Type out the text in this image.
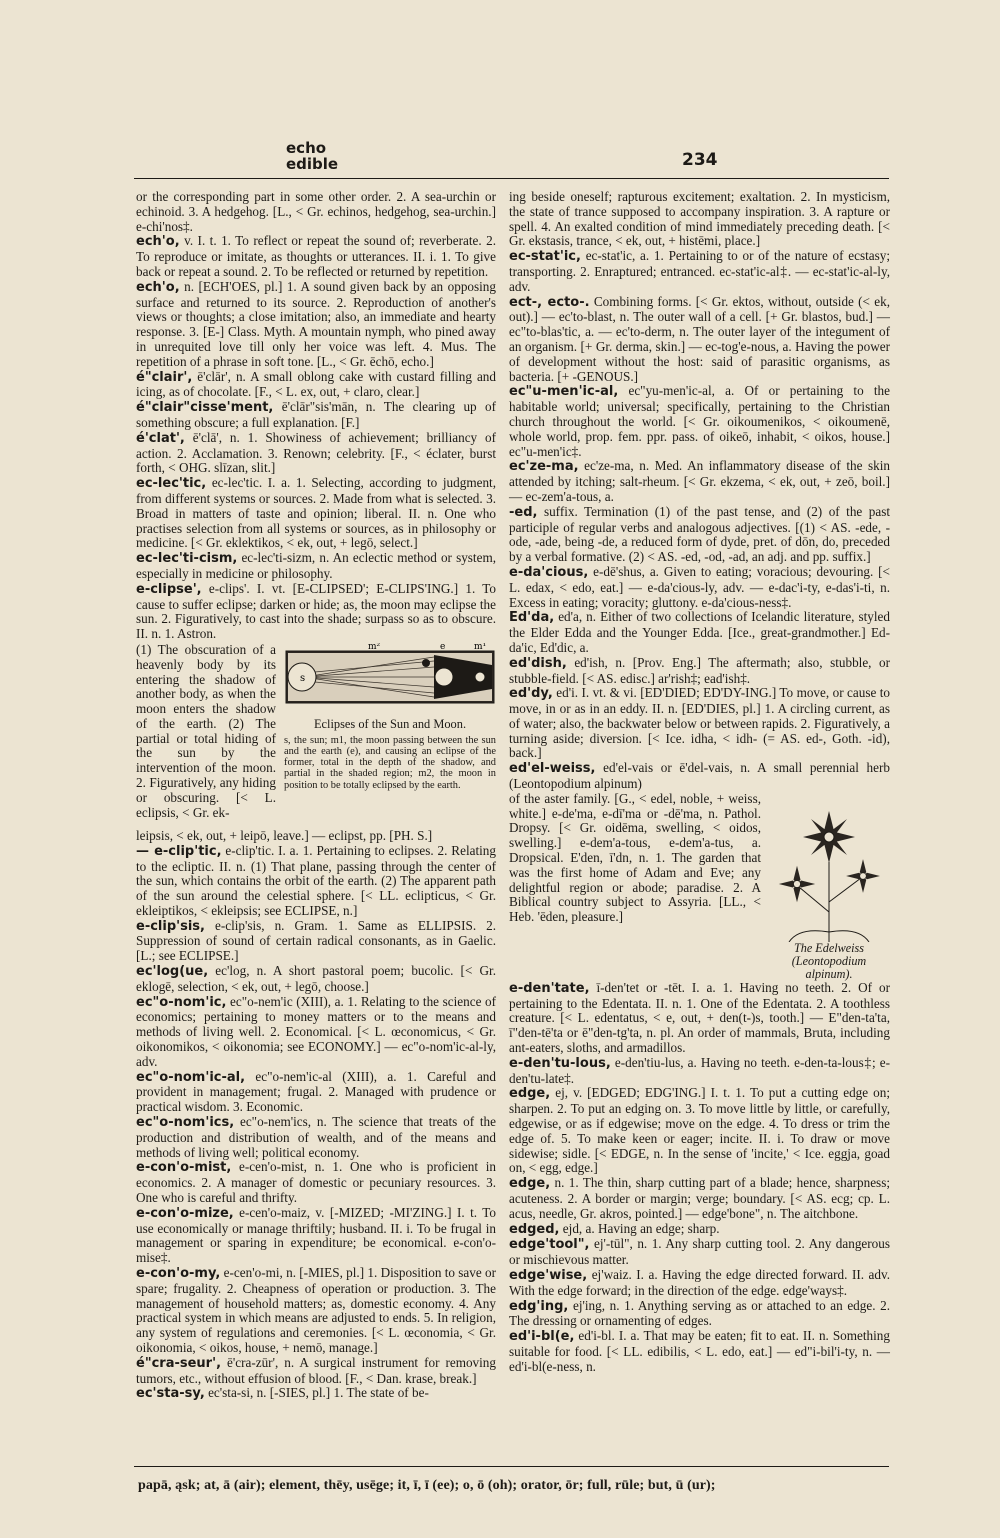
echo
edible	234

or the corresponding part in some other order. 2. A sea-urchin or echinoid. 3. A hedgehog. [L., < Gr. echinos, hedgehog, sea-urchin.] e-chi'nos‡.

ech'o, v. I. t. 1. To reflect or repeat the sound of; reverberate. 2. To reproduce or imitate, as thoughts or utterances. II. i. 1. To give back or repeat a sound. 2. To be reflected or returned by repetition.

ech'o, n. [ECH'OES, pl.] 1. A sound given back by an opposing surface and returned to its source. 2. Reproduction of another's views or thoughts; a close imitation; also, an immediate and hearty response. 3. [E-] Class. Myth. A mountain nymph, who pined away in unrequited love till only her voice was left. 4. Mus. The repetition of a phrase in soft tone. [L., < Gr. ēchō, echo.]

é"clair', ē'clār', n. A small oblong cake with custard filling and icing, as of chocolate. [F., < L. ex, out, + claro, clear.]

é"clair"cisse'ment, ē'clār"sis'mān, n. The clearing up of something obscure; a full explanation. [F.]

é'clat', ē'clā', n. 1. Showiness of achievement; brilliancy of action. 2. Acclamation. 3. Renown; celebrity. [F., < éclater, burst forth, < OHG. slīzan, slit.]

ec-lec'tic, ec-lec'tic. I. a. 1. Selecting, according to judgment, from different systems or sources. 2. Made from what is selected. 3. Broad in matters of taste and opinion; liberal. II. n. One who practises selection from all systems or sources, as in philosophy or medicine. [< Gr. eklektikos, < ek, out, + legō, select.]

ec-lec'ti-cism, ec-lec'ti-sizm, n. An eclectic method or system, especially in medicine or philosophy.

e-clipse', e-clips'. I. vt. [E-CLIPSED'; E-CLIPS'ING.] 1. To cause to suffer eclipse; darken or hide; as, the moon may eclipse the sun. 2. Figuratively, to cast into the shade; surpass so as to obscure. II. n. 1. Astron.

(1) The obscuration of a heavenly body by its entering the shadow of another body, as when the moon enters the shadow of the earth. (2) The partial or total hiding of the sun by the intervention of the moon. 2. Figuratively, any hiding or obscuring. [< L. eclipsis, < Gr. ek-
s
m²	e	m¹
Eclipses of the Sun and Moon.
s, the sun; m1, the moon passing between the sun and the earth (e), and causing an eclipse of the former, total in the depth of the shadow, and partial in the shaded region; m2, the moon in position to be totally eclipsed by the earth.

leipsis, < ek, out, + leipō, leave.] — eclipst, pp. [PH. S.]

— e-clip'tic, e-clip'tic. I. a. 1. Pertaining to eclipses. 2. Relating to the ecliptic. II. n. (1) That plane, passing through the center of the sun, which contains the orbit of the earth. (2) The apparent path of the sun around the celestial sphere. [< LL. eclipticus, < Gr. ekleiptikos, < ekleipsis; see ECLIPSE, n.]

e-clip'sis, e-clip'sis, n. Gram. 1. Same as ELLIPSIS. 2. Suppression of sound of certain radical consonants, as in Gaelic. [L.; see ECLIPSE.]

ec'log(ue, ec'log, n. A short pastoral poem; bucolic. [< Gr. eklogē, selection, < ek, out, + legō, choose.]

ec"o-nom'ic, ec"o-nem'ic (XIII), a. 1. Relating to the science of economics; pertaining to money matters or to the means and methods of living well. 2. Economical. [< L. œconomicus, < Gr. oikonomikos, < oikonomia; see ECONOMY.] — ec"o-nom'ic-al-ly, adv.

ec"o-nom'ic-al, ec"o-nem'ic-al (XIII), a. 1. Careful and provident in management; frugal. 2. Managed with prudence or practical wisdom. 3. Economic.

ec"o-nom'ics, ec"o-nem'ics, n. The science that treats of the production and distribution of wealth, and of the means and methods of living well; political economy.

e-con'o-mist, e-cen'o-mist, n. 1. One who is proficient in economics. 2. A manager of domestic or pecuniary resources. 3. One who is careful and thrifty.

e-con'o-mize, e-cen'o-maiz, v. [-MIZED; -MI'ZING.] I. t. To use economically or manage thriftily; husband. II. i. To be frugal in management or sparing in expenditure; be economical. e-con'o-mise‡.

e-con'o-my, e-cen'o-mi, n. [-MIES, pl.] 1. Disposition to save or spare; frugality. 2. Cheapness of operation or production. 3. The management of household matters; as, domestic economy. 4. Any practical system in which means are adjusted to ends. 5. In religion, any system of regulations and ceremonies. [< L. œconomia, < Gr. oikonomia, < oikos, house, + nemō, manage.]

é"cra-seur', ē'cra-zūr', n. A surgical instrument for removing tumors, etc., without effusion of blood. [F., < Dan. krase, break.]

ec'sta-sy, ec'sta-si, n. [-SIES, pl.] 1. The state of be-

ing beside oneself; rapturous excitement; exaltation. 2. In mysticism, the state of trance supposed to accompany inspiration. 3. A rapture or spell. 4. An exalted condition of mind immediately preceding death. [< Gr. ekstasis, trance, < ek, out, + histēmi, place.]

ec-stat'ic, ec-stat'ic, a. 1. Pertaining to or of the nature of ecstasy; transporting. 2. Enraptured; entranced. ec-stat'ic-al‡. — ec-stat'ic-al-ly, adv.

ect-, ecto-. Combining forms. [< Gr. ektos, without, outside (< ek, out).] — ec'to-blast, n. The outer wall of a cell. [+ Gr. blastos, bud.] — ec"to-blas'tic, a. — ec'to-derm, n. The outer layer of the integument of an organism. [+ Gr. derma, skin.] — ec-tog'e-nous, a. Having the power of development without the host: said of parasitic organisms, as bacteria. [+ -GENOUS.]

ec"u-men'ic-al, ec"yu-men'ic-al, a. Of or pertaining to the habitable world; universal; specifically, pertaining to the Christian church throughout the world. [< Gr. oikoumenikos, < oikoumenē, whole world, prop. fem. ppr. pass. of oikeō, inhabit, < oikos, house.] ec"u-men'ic‡.

ec'ze-ma, ec'ze-ma, n. Med. An inflammatory disease of the skin attended by itching; salt-rheum. [< Gr. ekzema, < ek, out, + zeō, boil.] — ec-zem'a-tous, a.

-ed, suffix. Termination (1) of the past tense, and (2) of the past participle of regular verbs and analogous adjectives. [(1) < AS. -ede, -ode, -ade, being -de, a reduced form of dyde, pret. of dōn, do, preceded by a verbal formative. (2) < AS. -ed, -od, -ad, an adj. and pp. suffix.]

e-da'cious, e-dē'shus, a. Given to eating; voracious; devouring. [< L. edax, < edo, eat.] — e-da'cious-ly, adv. — e-dac'i-ty, e-das'i-ti, n. Excess in eating; voracity; gluttony. e-da'cious-ness‡.

Ed'da, ed'a, n. Either of two collections of Icelandic literature, styled the Elder Edda and the Younger Edda. [Ice., great-grandmother.] Ed-da'ic, Ed'dic, a.

ed'dish, ed'ish, n. [Prov. Eng.] The aftermath; also, stubble, or stubble-field. [< AS. edisc.] ar'rish‡; ead'ish‡.

ed'dy, ed'i. I. vt. & vi. [ED'DIED; ED'DY-ING.] To move, or cause to move, in or as in an eddy. II. n. [ED'DIES, pl.] 1. A circling current, as of water; also, the backwater below or between rapids. 2. Figuratively, a turning aside; diversion. [< Ice. idha, < idh- (= AS. ed-, Goth. -id), back.]

ed'el-weiss, ed'el-vais or ē'del-vais, n. A small perennial herb (Leontopodium alpinum)

of the aster family. [G., < edel, noble, + weiss, white.] e-de'ma, e-dī'ma or -dē'ma, n. Pathol. Dropsy. [< Gr. oidēma, swelling, < oidos, swelling.] e-dem'a-tous, e-dem'a-tus, a. Dropsical. E'den, ī'dn, n. 1. The garden that was the first home of Adam and Eve; any delightful region or abode; paradise. 2. A Biblical country subject to Assyria. [LL., < Heb. 'ēden, pleasure.]
The Edelweiss (Leontopodium alpinum).

e-den'tate, ī-den'tet or -tēt. I. a. 1. Having no teeth. 2. Of or pertaining to the Edentata. II. n. 1. One of the Edentata. 2. A toothless creature. [< L. edentatus, < e, out, + den(t-)s, tooth.] — E"den-ta'ta, ī"den-tē'ta or ē"den-tg'ta, n. pl. An order of mammals, Bruta, including ant-eaters, sloths, and armadillos.

e-den'tu-lous, e-den'tiu-lus, a. Having no teeth. e-den-ta-lous‡; e-den'tu-late‡.

edge, ej, v. [EDGED; EDG'ING.] I. t. 1. To put a cutting edge on; sharpen. 2. To put an edging on. 3. To move little by little, or carefully, edgewise, or as if edgewise; move on the edge. 4. To dress or trim the edge of. 5. To make keen or eager; incite. II. i. To draw or move sidewise; sidle. [< EDGE, n. In the sense of 'incite,' < Ice. eggja, goad on, < egg, edge.]

edge, n. 1. The thin, sharp cutting part of a blade; hence, sharpness; acuteness. 2. A border or margin; verge; boundary. [< AS. ecg; cp. L. acus, needle, Gr. akros, pointed.] — edge'bone", n. The aitchbone.

edged, ejd, a. Having an edge; sharp.

edge'tool", ej'-tūl", n. 1. Any sharp cutting tool. 2. Any dangerous or mischievous matter.

edge'wise, ej'waiz. I. a. Having the edge directed forward. II. adv. With the edge forward; in the direction of the edge. edge'ways‡.

edg'ing, ej'ing, n. 1. Anything serving as or attached to an edge. 2. The dressing or ornamenting of edges.

ed'i-bl(e, ed'i-bl. I. a. That may be eaten; fit to eat. II. n. Something suitable for food. [< LL. edibilis, < L. edo, eat.] — ed"i-bil'i-ty, n. — ed'i-bl(e-ness, n.

papā, ąsk; at, ā (air); element, thēy, usēge; it, ī, ī (ee); o, ō (oh); orator, ōr; full, rūle; but, ū (ur);
